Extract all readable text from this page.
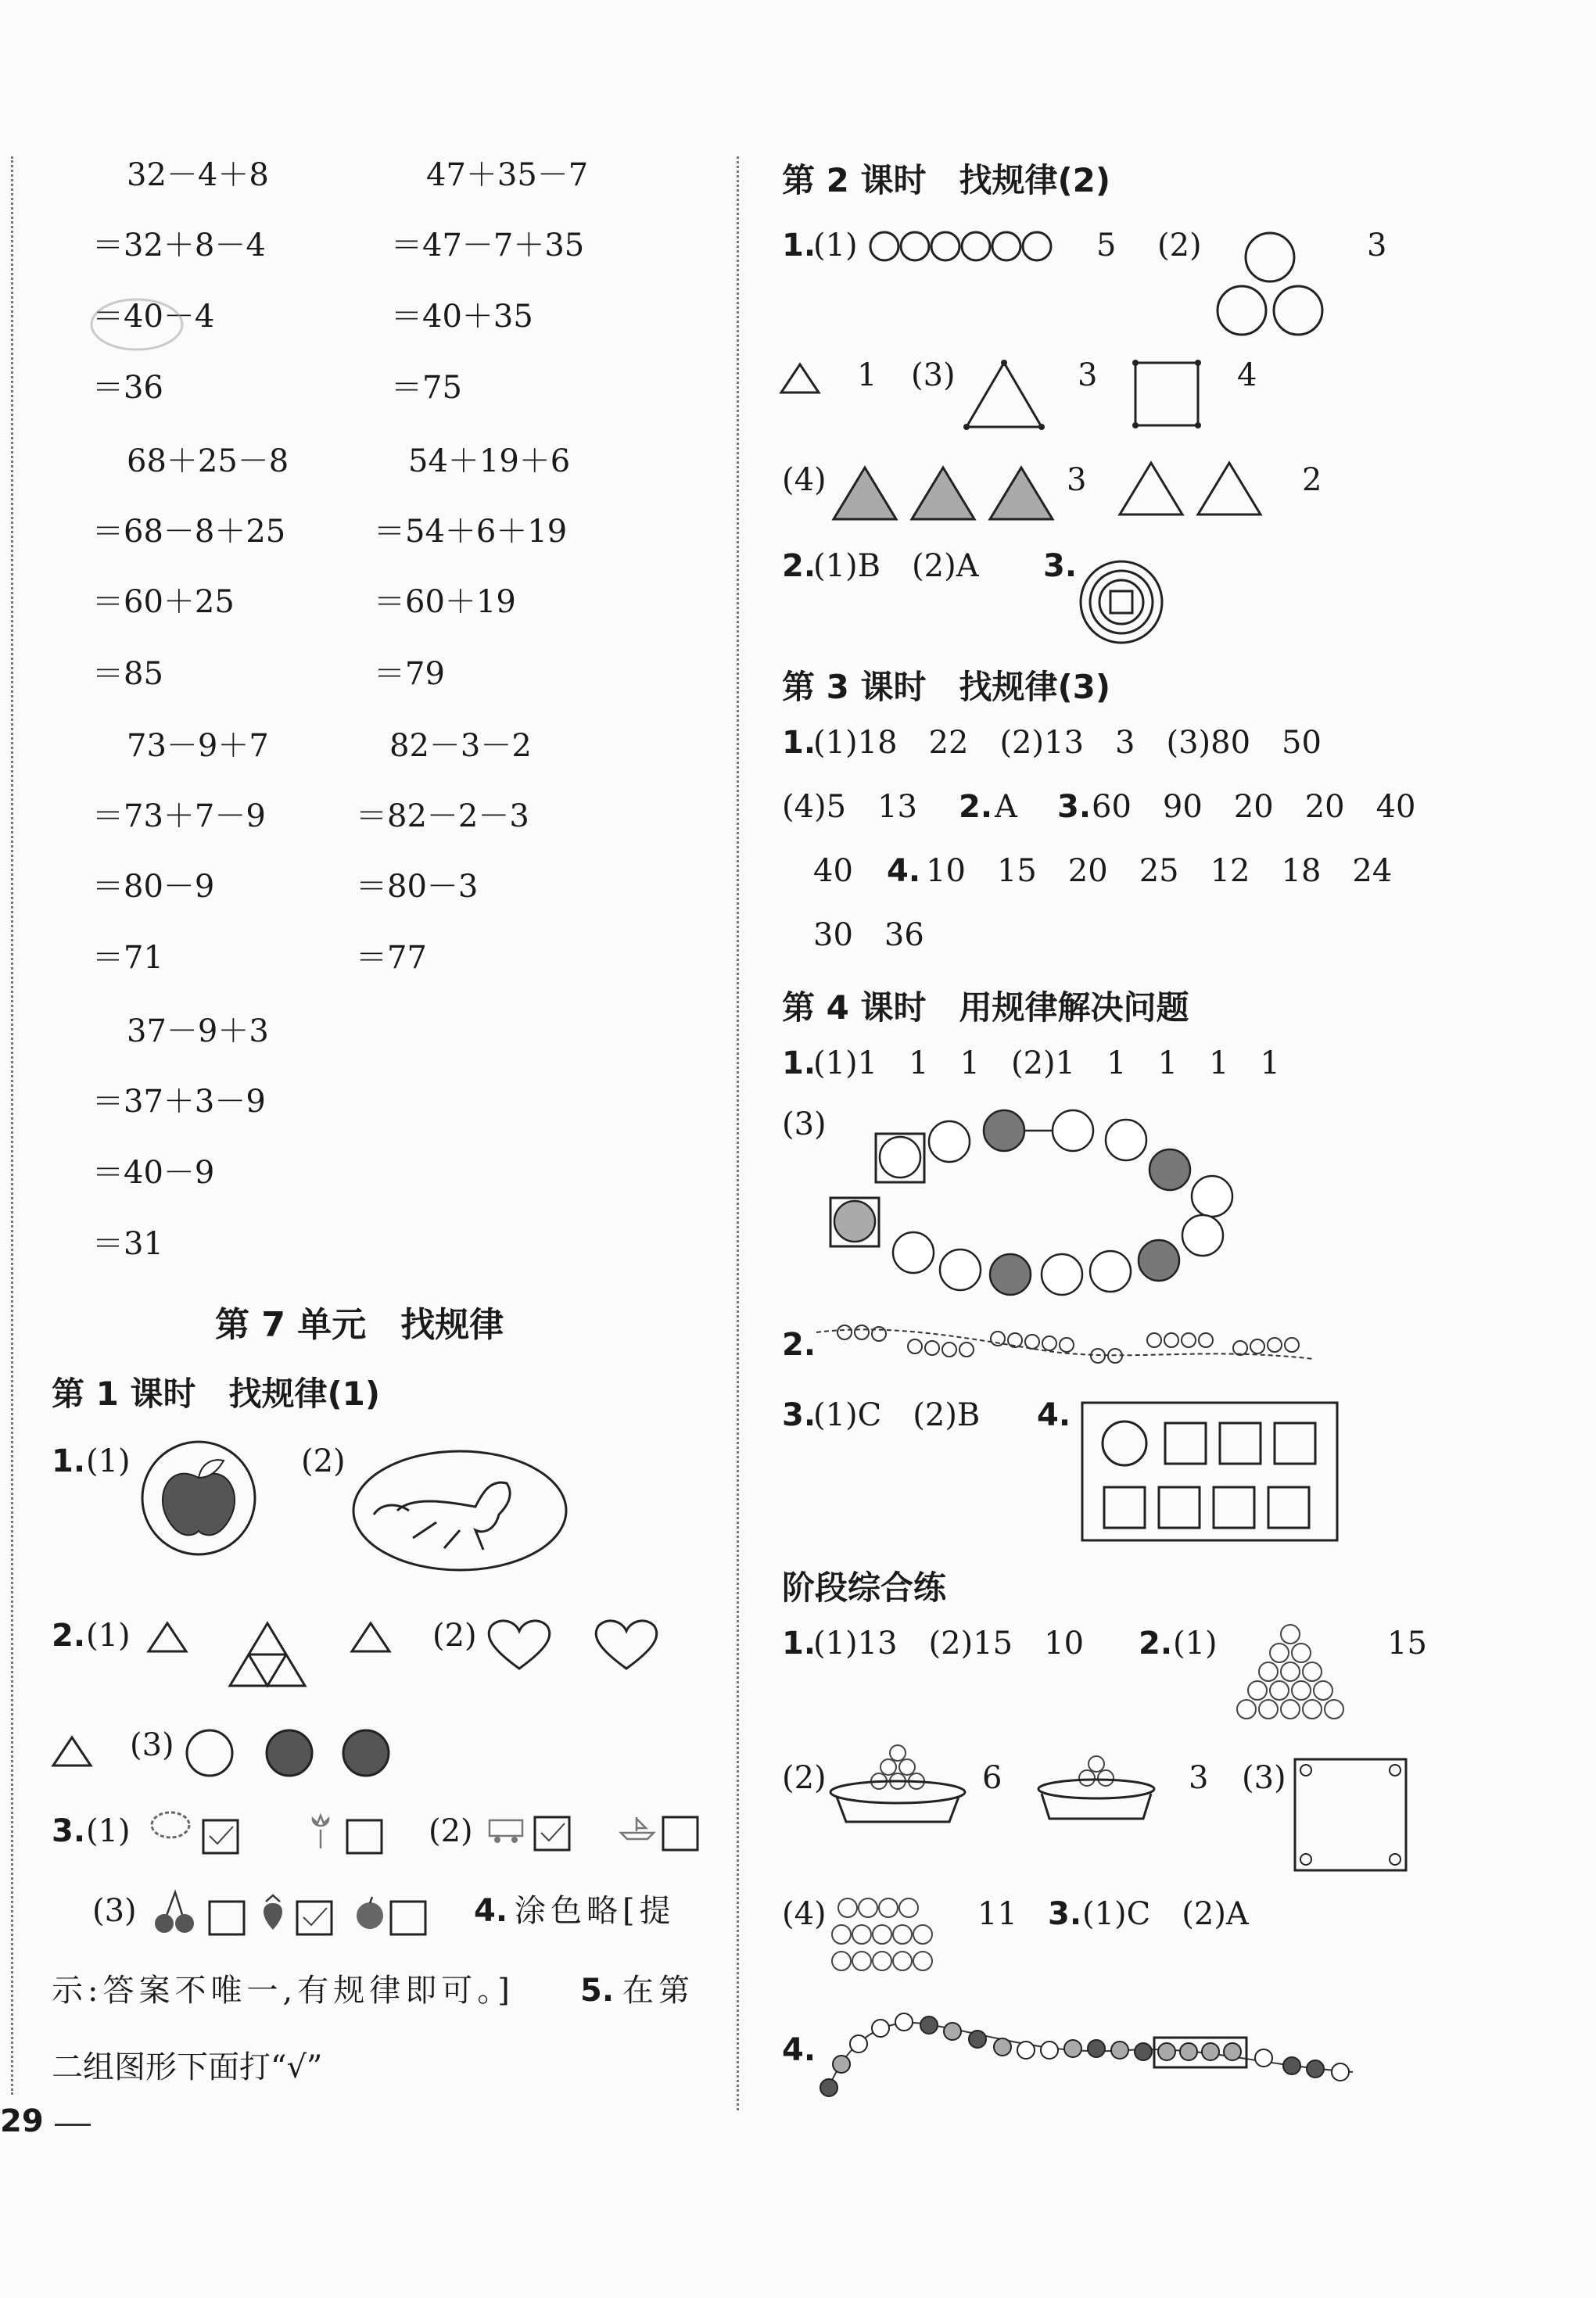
32－4＋8	47＋35－7
＝32＋8－4	＝47－7＋35
＝40－4	＝40＋35
＝36	＝75
68＋25－8	54＋19＋6
＝68－8＋25	＝54＋6＋19
＝60＋25	＝60＋19
＝85	＝79
73－9＋7	82－3－2
＝73＋7－9	＝82－2－3
＝80－9	＝80－3
＝71	＝77
37－9＋3
＝37＋3－9
＝40－9
＝31
第 7 单元　找规律
第 1 课时　找规律(1)
1. (1)	(2)
2. (1)	(2)
(3)
3. (1)	(2)
(3)	4. 涂色略[提
示:答案不唯一,有规律即可。] 5. 在第
二组图形下面打“√”
29
第 2 课时　找规律(2)
1.
(1)	5 (2)	3
1 (3)	3	4
(4)	3	2
2.
(1)B　(2)A 3.
第 3 课时　找规律(3)
1.
(1)18　22　(2)13　3　(3)80　50
(4)5　13 2. A 3. 60　90　20　20　40
40 4. 10　15　20　25　12　18　24
30　36
第 4 课时　用规律解决问题
1.
(1)1　1　1　(2)1　1　1　1　1
(3)
2.
3.
(1)C　(2)B 4.
阶段综合练
1.
(1)13　(2)15　10 2. (1)	15
(2)	6	3 (3)
(4)	11 3. (1)C　(2)A
4.
